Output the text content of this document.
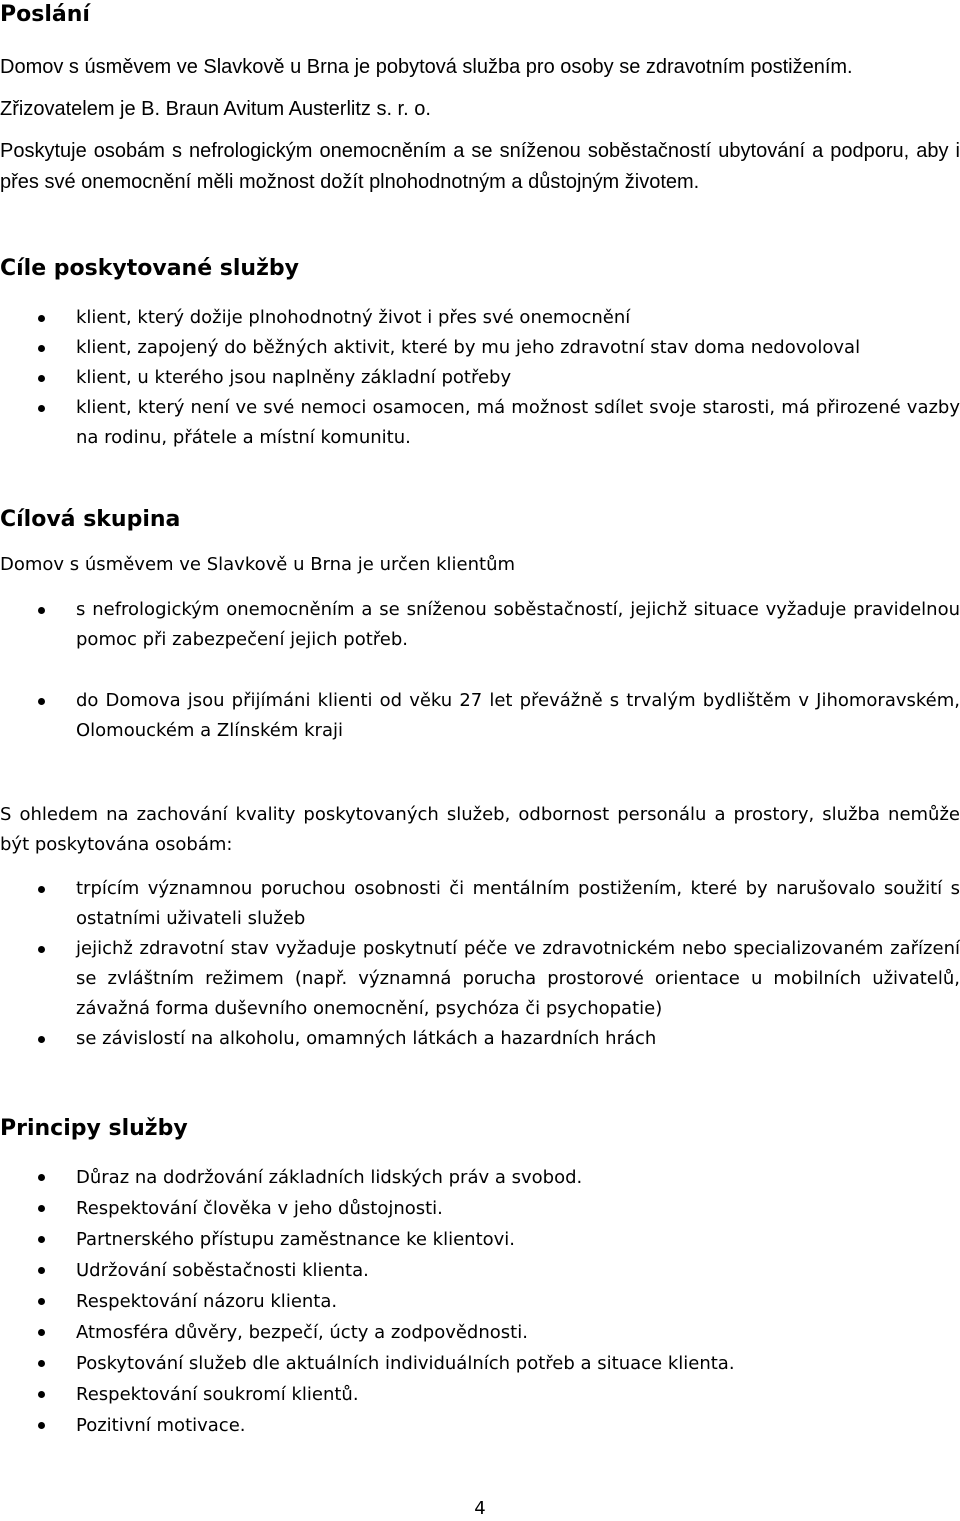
Poslání

Domov s úsměvem ve Slavkově u Brna je pobytová služba pro osoby se zdravotním postižením.

Zřizovatelem je B. Braun Avitum Austerlitz s. r. o.

Poskytuje osobám s nefrologickým onemocněním a se sníženou soběstačností ubytování a podporu, aby i přes své onemocnění měli možnost dožít plnohodnotným a důstojným životem.

Cíle poskytované služby
klient, který dožije plnohodnotný život i přes své onemocnění
klient, zapojený do běžných aktivit, které by mu jeho zdravotní stav doma nedovoloval
klient, u kterého jsou naplněny základní potřeby
klient, který není ve své nemoci osamocen, má možnost sdílet svoje starosti, má přirozené vazby na rodinu, přátele a místní komunitu.
Cílová skupina

Domov s úsměvem ve Slavkově u Brna je určen klientům

s nefrologickým onemocněním a se sníženou soběstačností, jejichž situace vyžaduje pravidelnou pomoc při zabezpečení jejich potřeb.
do Domova jsou přijímáni klienti od věku 27 let převážně s trvalým bydlištěm v Jihomoravském, Olomouckém a Zlínském kraji

S ohledem na zachování kvality poskytovaných služeb, odbornost personálu a prostory, služba nemůže být poskytována osobám:

trpícím významnou poruchou osobnosti či mentálním postižením, které by narušovalo soužití s ostatními uživateli služeb
jejichž zdravotní stav vyžaduje poskytnutí péče ve zdravotnickém nebo specializovaném zařízení se zvláštním režimem (např. významná porucha prostorové orientace u mobilních uživatelů, závažná forma duševního onemocnění, psychóza či psychopatie)
se závislostí na alkoholu, omamných látkách a hazardních hrách
Principy služby
Důraz na dodržování základních lidských práv a svobod.
Respektování člověka v jeho důstojnosti.
Partnerského přístupu zaměstnance ke klientovi.
Udržování soběstačnosti klienta.
Respektování názoru klienta.
Atmosféra důvěry, bezpečí, úcty a zodpovědnosti.
Poskytování služeb dle aktuálních individuálních potřeb a situace klienta.
Respektování soukromí klientů.
Pozitivní motivace.
4
